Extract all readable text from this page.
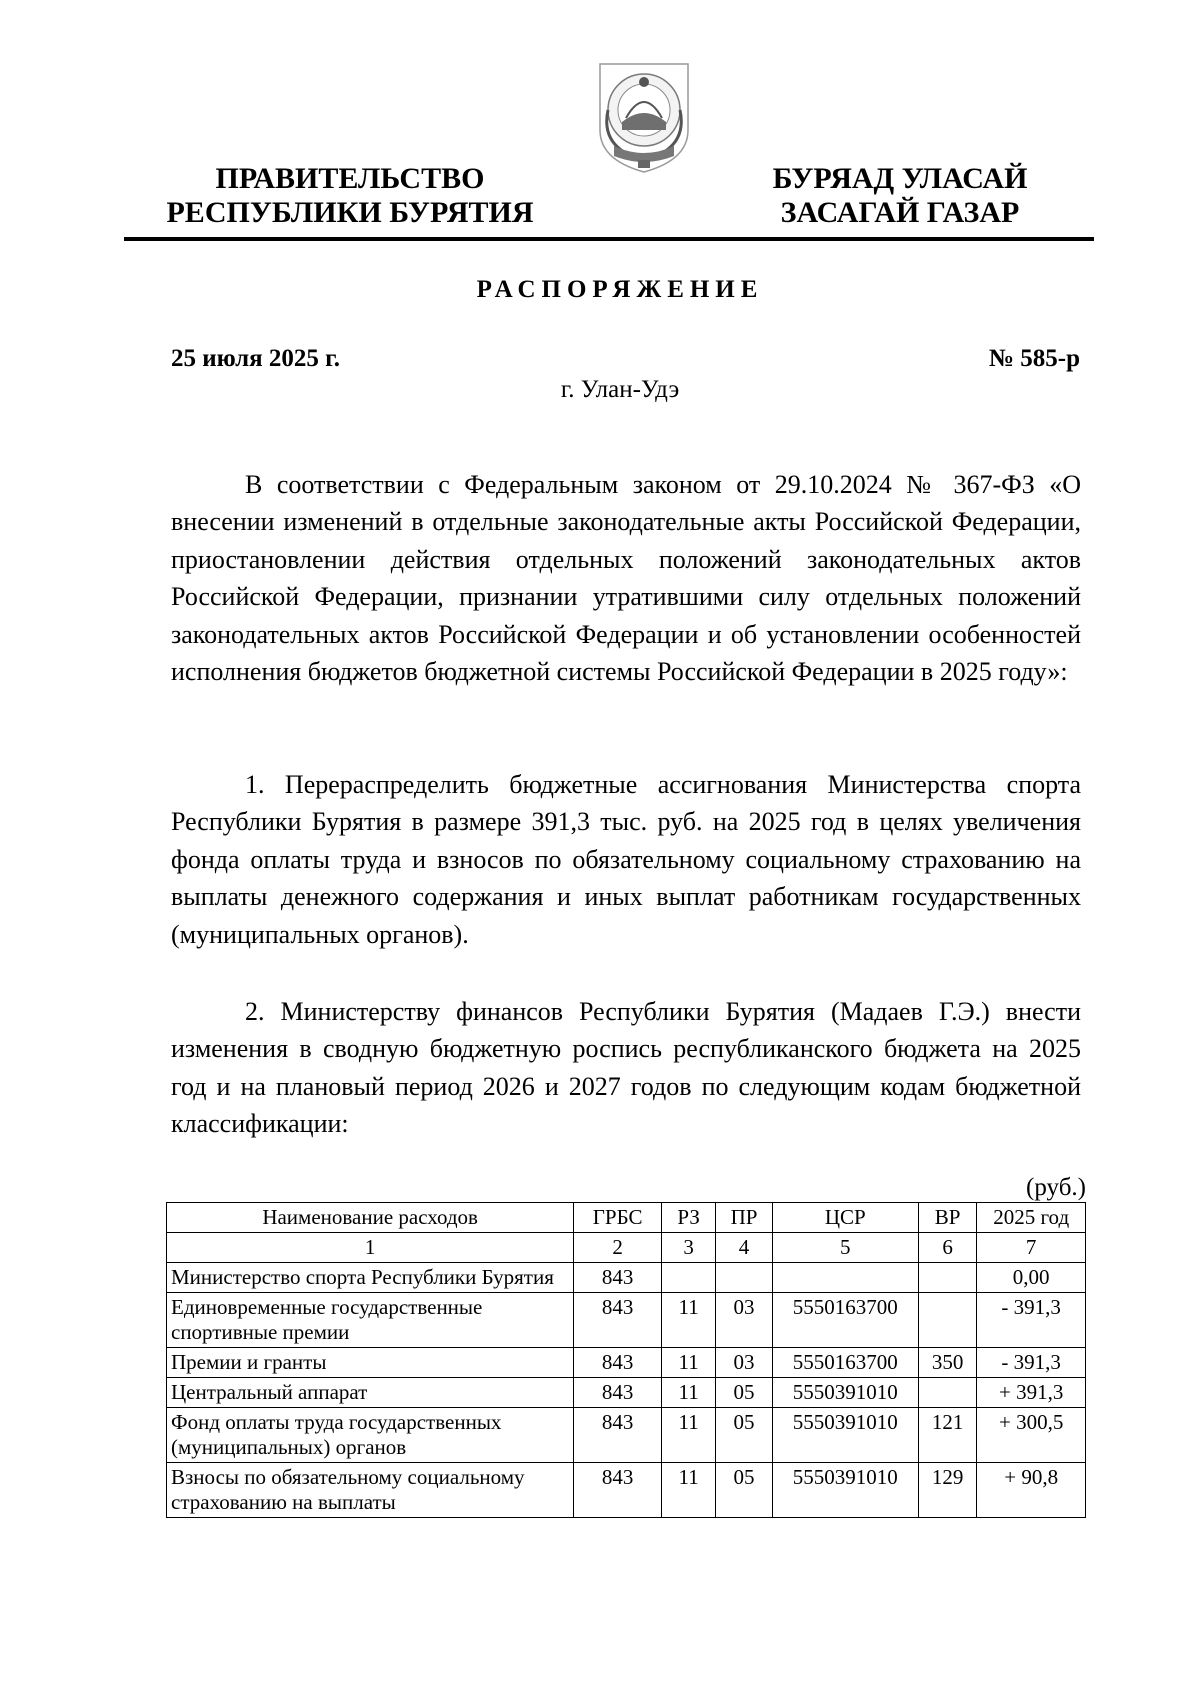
ПРАВИТЕЛЬСТВО
РЕСПУБЛИКИ БУРЯТИЯ
БУРЯАД УЛАСАЙ
ЗАСАГАЙ ГАЗАР
РАСПОРЯЖЕНИЕ
25 июля 2025 г.	№ 585-р
г. Улан-Удэ

В соответствии с Федеральным законом от 29.10.2024 № 367-ФЗ «О внесении изменений в отдельные законодательные акты Российской Федерации, приостановлении действия отдельных положений законодательных актов Российской Федерации, признании утратившими силу отдельных положений законодательных актов Российской Федерации и об установлении особенностей исполнения бюджетов бюджетной системы Российской Федерации в 2025 году»:

1. Перераспределить бюджетные ассигнования Министерства спорта Республики Бурятия в размере 391,3 тыс. руб. на 2025 год в целях увеличения фонда оплаты труда и взносов по обязательному социальному страхованию на выплаты денежного содержания и иных выплат работникам государственных (муниципальных органов).

2. Министерству финансов Республики Бурятия (Мадаев Г.Э.) внести изменения в сводную бюджетную роспись республиканского бюджета на 2025 год и на плановый период 2026 и 2027 годов по следующим кодам бюджетной классификации:

(руб.)
Наименование расходов	ГРБС	РЗ	ПР	ЦСР	ВР	2025 год
1	2	3	4	5	6	7
Министерство спорта Республики Бурятия	843					0,00
Единовременные государственные спортивные премии	843	11	03	5550163700		- 391,3
Премии и гранты	843	11	03	5550163700	350	- 391,3
Центральный аппарат	843	11	05	5550391010		+ 391,3
Фонд оплаты труда государственных (муниципальных) органов	843	11	05	5550391010	121	+ 300,5
Взносы по обязательному социальному страхованию на выплаты	843	11	05	5550391010	129	+ 90,8
